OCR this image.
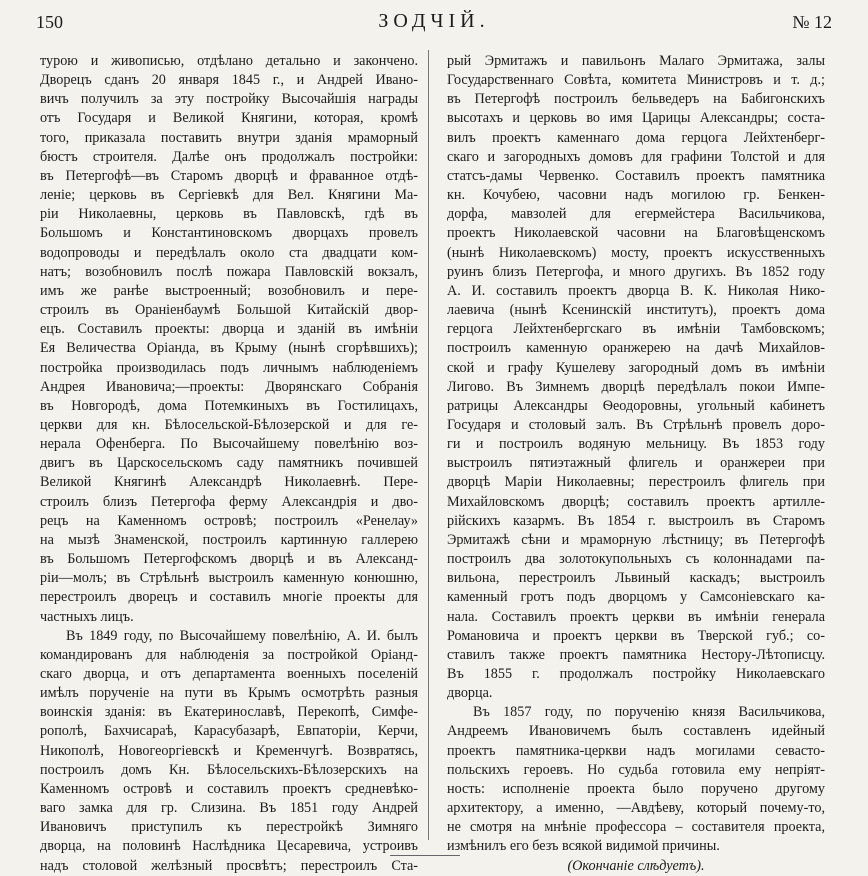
150	ЗОДЧІЙ.	№ 12
турою и живописью, отдѣлано детально и закончено.
Дворецъ сданъ 20 января 1845 г., и Андрей Ивано-
вичъ получилъ за эту постройку Высочайшія награды
отъ Государя и Великой Княгини, которая, кромѣ
того, приказала поставить внутри зданія мраморный
бюстъ строителя. Далѣе онъ продолжалъ постройки:
въ Петергофѣ—въ Старомъ дворцѣ и фрaвaнное отдѣ-
леніе; церковь въ Сергіевкѣ для Вел. Княгини Ма-
ріи Николаевны, церковь въ Павловскѣ, гдѣ въ
Большомъ и Константиновскомъ дворцахъ провелъ
водопроводы и передѣлалъ около ста двадцати ком-
натъ; возобновилъ послѣ пожара Павловскій вокзалъ,
имъ же ранѣе выстроенный; возобновилъ и пере-
строилъ въ Ораніенбаумѣ Большой Китайскій двор-
ецъ. Составилъ проекты: дворца и зданій въ имѣніи
Ея Величества Оріанда, въ Крыму (нынѣ сгорѣвшихъ);
постройка производилась подъ личнымъ наблюденіемъ
Андрея Ивановича;—проекты: Дворянскаго Собранія
въ Новгородѣ, дома Потемкиныхъ въ Гостилицахъ,
церкви для кн. Бѣлосельской-Бѣлозерской и для ге-
нерала Офенберга. По Высочайшему повелѣнію воз-
двигъ въ Царскосельскомъ саду памятникъ почившей
Великой Княгинѣ Александрѣ Николаевнѣ. Пере-
строилъ близъ Петергофа ферму Александрія и дво-
рецъ на Каменномъ островѣ; построилъ «Ренелау»
на мызѣ Знаменской, построилъ картинную галлерею
въ Большомъ Петергофскомъ дворцѣ и въ Александ-
ріи—молъ; въ Стрѣльнѣ выстроилъ каменную конюшню,
перестроилъ дворецъ и составилъ многіе проекты для
частныхъ лицъ.
Въ 1849 году, по Высочайшему повелѣнію, А. И. былъ
командированъ для наблюденія за постройкой Оріанд-
скаго дворца, и отъ департамента военныхъ поселеній
имѣлъ порученіе на пути въ Крымъ осмотрѣть разныя
воинскія зданія: въ Екатеринославѣ, Перекопѣ, Симфе-
рополѣ, Бахчисараѣ, Карасубазарѣ, Евпаторіи, Керчи,
Никополѣ, Новогеоргіевскѣ и Кременчугѣ. Возвратясь,
построилъ домъ Кн. Бѣлосельскихъ-Бѣлозерскихъ на
Каменномъ островѣ и составилъ проектъ средневѣко-
ваго замка для гр. Слизина. Въ 1851 году Андрей
Ивановичъ приступилъ къ перестройкѣ Зимняго
дворца, на половинѣ Наслѣдника Цесаревича, устроивъ
надъ столовой желѣзный просвѣтъ; перестроилъ Ста-
рый Эрмитажъ и павильонъ Малаго Эрмитажа, залы
Государственнаго Совѣта, комитета Министровъ и т. д.;
въ Петергофѣ построилъ бельведеръ на Бабигонскихъ
высотахъ и церковь во имя Царицы Александры; соста-
вилъ проектъ каменнаго дома герцога Лейхтенберг-
скаго и загородныхъ домовъ для графини Толстой и для
статсъ-дамы Червенко. Составилъ проектъ памятника
кн. Кочубею, часовни надъ могилою гр. Бенкен-
дорфа, мавзолей для егермейстера Васильчикова,
проектъ Николаевской часовни на Благовѣщенскомъ
(нынѣ Николаевскомъ) мосту, проектъ искусственныхъ
руинъ близъ Петергофа, и много другихъ. Въ 1852 году
А. И. составилъ проектъ дворца В. К. Николая Нико-
лаевича (нынѣ Ксенинскій институтъ), проектъ дома
герцога Лейхтенбергскаго въ имѣніи Тамбовскомъ;
построилъ каменную оранжерею на дачѣ Михайлов-
ской и графу Кушелеву загородный домъ въ имѣніи
Лигово. Въ Зимнемъ дворцѣ передѣлалъ покои Импе-
ратрицы Александры Ѳеодоровны, угольный кабинетъ
Государя и столовый залъ. Въ Стрѣльнѣ провелъ доро-
ги и построилъ водяную мельницу. Въ 1853 году
выстроилъ пятиэтажный флигель и оранжереи при
дворцѣ Маріи Николаевны; перестроилъ флигель при
Михайловскомъ дворцѣ; составилъ проектъ артилле-
рійскихъ казармъ. Въ 1854 г. выстроилъ въ Старомъ
Эрмитажѣ сѣни и мраморную лѣстницу; въ Петергофѣ
построилъ два золотокупольныхъ съ колоннадами па-
вильона, перестроилъ Львиный каскадъ; выстроилъ
каменный гротъ подъ дворцомъ у Самсоніевскаго ка-
нала. Составилъ проектъ церкви въ имѣніи генерала
Романовича и проектъ церкви въ Тверской губ.; со-
ставилъ также проектъ памятника Нестору-Лѣтописцу.
Въ 1855 г. продолжалъ постройку Николаевскаго
дворца.
Въ 1857 году, по порученію князя Васильчикова,
Андреемъ Ивановичемъ былъ составленъ идейный
проектъ памятника-церкви надъ могилами севасто-
польскихъ героевъ. Но судьба готовила ему непріят-
ность: исполненіе проекта было поручено другому
архитектору, а именно, —Авдѣеву, который почему-то,
не смотря на мнѣніе профессора – составителя проекта,
измѣнилъ его безъ всякой видимой причины.
(Окончаніе слѣдуетъ).
